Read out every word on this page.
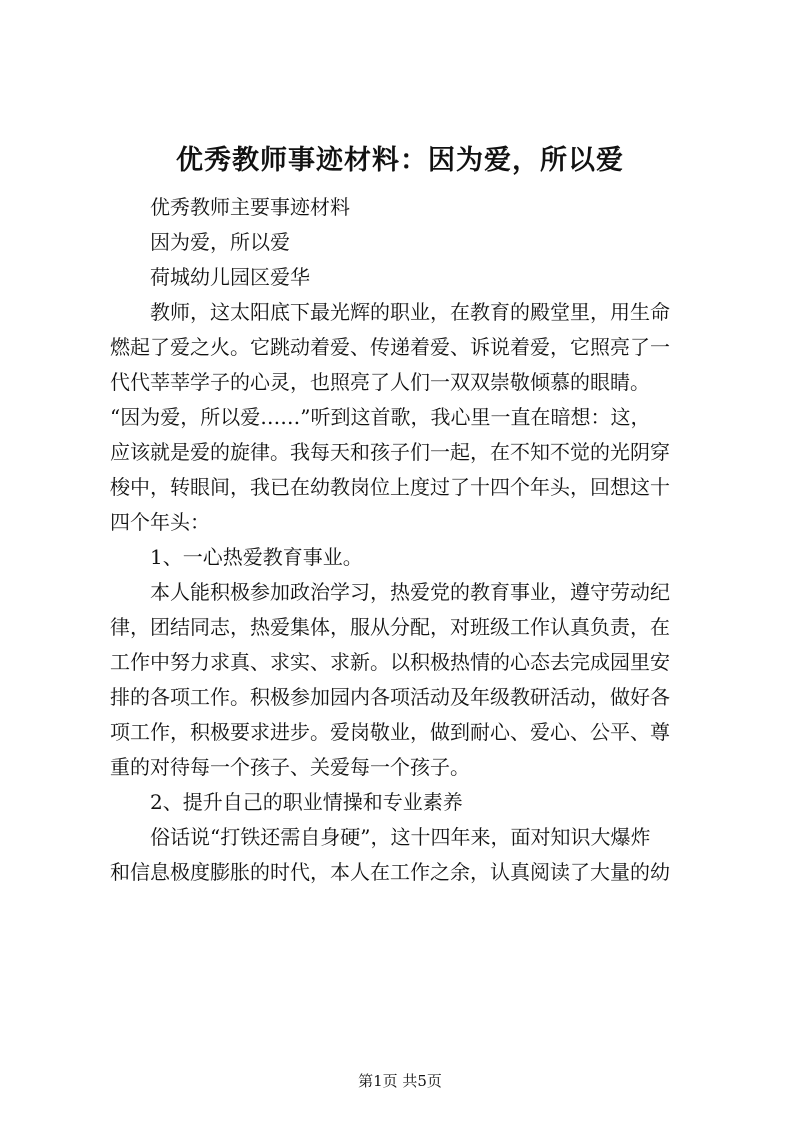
优秀教师事迹材料：因为爱，所以爱
优秀教师主要事迹材料
因为爱，所以爱
荷城幼儿园区爱华
教师，这太阳底下最光辉的职业，在教育的殿堂里，用生命
燃起了爱之火。它跳动着爱、传递着爱、诉说着爱，它照亮了一
代代莘莘学子的心灵，也照亮了人们一双双崇敬倾慕的眼睛。
“因为爱，所以爱……”听到这首歌，我心里一直在暗想：这，
应该就是爱的旋律。我每天和孩子们一起，在不知不觉的光阴穿
梭中，转眼间，我已在幼教岗位上度过了十四个年头，回想这十
四个年头：
1、一心热爱教育事业。
本人能积极参加政治学习，热爱党的教育事业，遵守劳动纪
律，团结同志，热爱集体，服从分配，对班级工作认真负责，在
工作中努力求真、求实、求新。以积极热情的心态去完成园里安
排的各项工作。积极参加园内各项活动及年级教研活动，做好各
项工作，积极要求进步。爱岗敬业，做到耐心、爱心、公平、尊
重的对待每一个孩子、关爱每一个孩子。
2、提升自己的职业情操和专业素养
俗话说“打铁还需自身硬”，这十四年来，面对知识大爆炸
和信息极度膨胀的时代，本人在工作之余，认真阅读了大量的幼
第1页 共5页
